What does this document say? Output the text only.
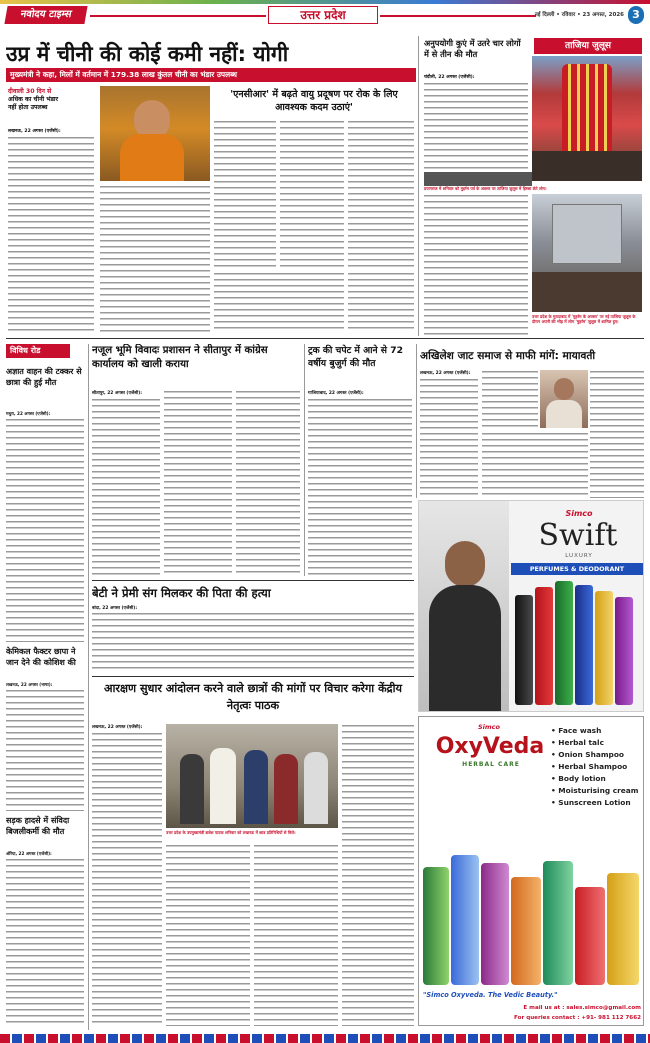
नवोदय टाइम्स	उत्तर प्रदेश	नई दिल्ली • रविवार • 23 अगस्त, 2026 3
उप्र में चीनी की कोई कमी नहीं: योगी
मुख्यमंत्री ने कहा, मिलों में वर्तमान में 179.38 लाख कुंतल चीनी का भंडार उपलब्ध
दीवाली 30 दिन से
अधिक का चीनी भंडार
नहीं होता उपलब्ध
लखनऊ, 22 अगस्त (एजेंसी):
'एनसीआर' में बढ़ते वायु प्रदूषण पर रोक के लिए आवश्यक कदम उठाएं'
अनुपयोगी कुएं में उतरे चार लोगों में से तीन की मौत
ताजिया जुलूस
चंदौली, 22 अगस्त (एजेंसी):
प्रयागराज में शनिवार को मुहर्रम पर्व के अवसर पर ताजिया जुलूस में हिस्सा लेते लोग।
उत्तर प्रदेश के मुरादाबाद में 'मुहर्रम के अवसर' पर नई ताजिया जुलूस के दौरान अपनी की भीड़ में लोग 'मुहर्रम' जुलूस में शामिल हुए।
विविध रोड
अज्ञात वाहन की टक्कर से छात्रा की हुई मौत
मथुरा, 22 अगस्त (एजेंसी):
केमिकल फैक्टर छापा ने जान देने की कोशिश की
लखनऊ, 22 अगस्त (भाषा):
सड़क हादसे में संविदा बिजलीकर्मी की मौत
औरैया, 22 अगस्त (एजेंसी):
नजूल भूमि विवादः प्रशासन ने सीतापुर में कांग्रेस कार्यालय को खाली कराया
सीतापुर, 22 अगस्त (एजेंसी):
ट्रक की चपेट में आने से 72 वर्षीय बुजुर्ग की मौत
गाजियाबाद, 22 अगस्त (एजेंसी):
अखिलेश जाट समाज से माफी मांगें: मायावती
लखनऊ, 22 अगस्त (एजेंसी):
Simco
Swift
LUXURY
PERFUMES & DEODORANT
बेटी ने प्रेमी संग मिलकर की पिता की हत्या
बांदा, 22 अगस्त (एजेंसी):
आरक्षण सुधार आंदोलन करने वाले छात्रों की मांगों पर विचार करेगा केंद्रीय नेतृत्वः पाठक
लखनऊ, 22 अगस्त (एजेंसी):
उत्तर प्रदेश के उपमुख्यमंत्री ब्रजेश पाठक शनिवार को लखनऊ में छात्र प्रतिनिधियों से मिले।
Simco
OxyVeda
HERBAL CARE
• Face wash
• Herbal talc
• Onion Shampoo
• Herbal Shampoo
• Body lotion
• Moisturising cream
• Sunscreen Lotion
"Simco Oxyveda. The Vedic Beauty."
E mail us at : sales.simco@gmail.com
For queries contact : +91- 981 112 7662
